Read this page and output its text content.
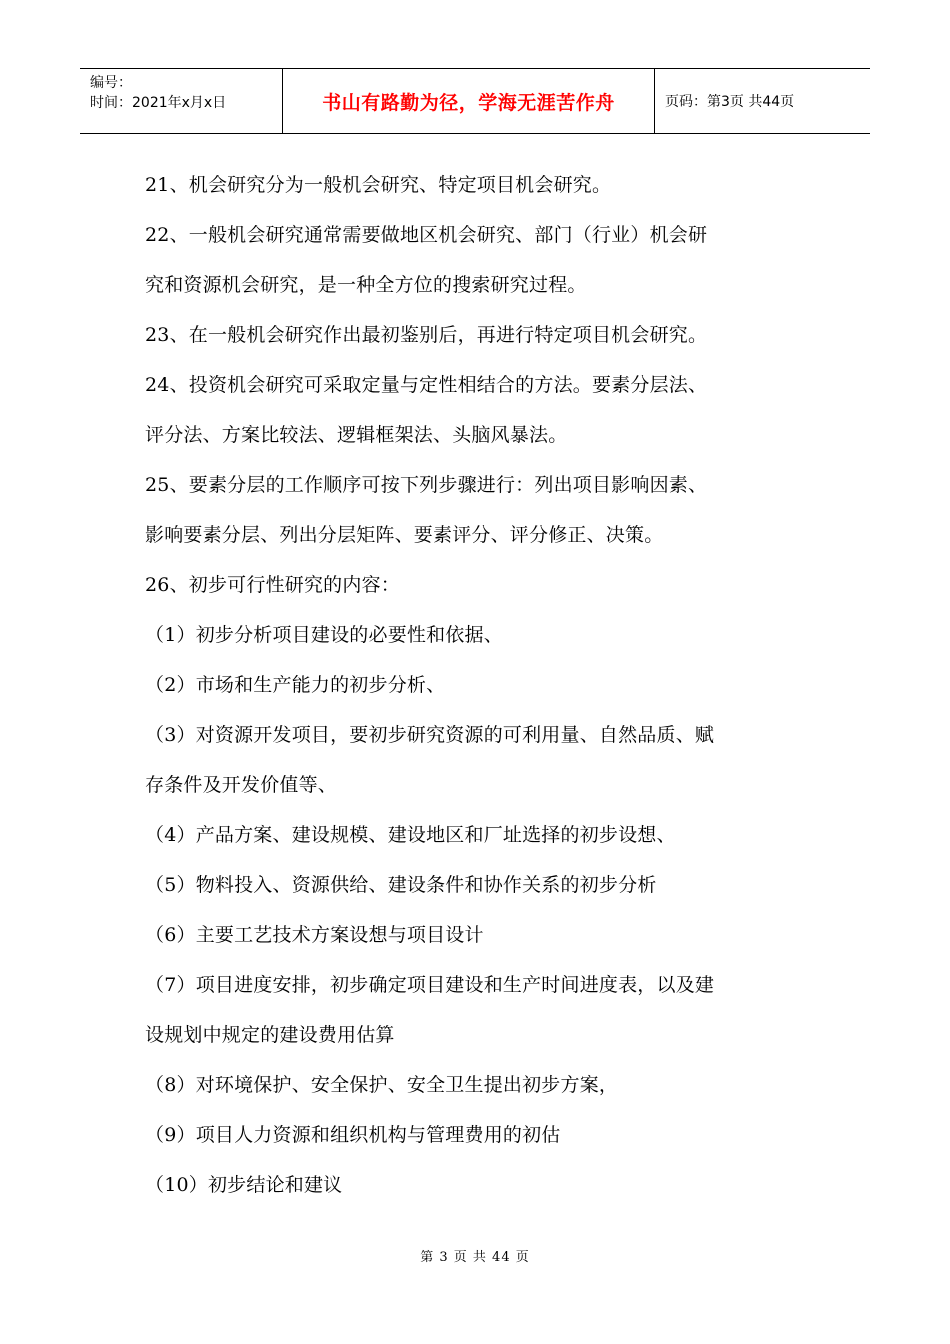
编号：
时间：2021年x月x日	书山有路勤为径，学海无涯苦作舟	页码：第3页 共44页
21、机会研究分为一般机会研究、特定项目机会研究。
22、一般机会研究通常需要做地区机会研究、部门（行业）机会研
究和资源机会研究，是一种全方位的搜索研究过程。
23、在一般机会研究作出最初鉴别后，再进行特定项目机会研究。
24、投资机会研究可采取定量与定性相结合的方法。要素分层法、
评分法、方案比较法、逻辑框架法、头脑风暴法。
25、要素分层的工作顺序可按下列步骤进行：列出项目影响因素、
影响要素分层、列出分层矩阵、要素评分、评分修正、决策。
26、初步可行性研究的内容：
（1）初步分析项目建设的必要性和依据、
（2）市场和生产能力的初步分析、
（3）对资源开发项目，要初步研究资源的可利用量、自然品质、赋
存条件及开发价值等、
（4）产品方案、建设规模、建设地区和厂址选择的初步设想、
（5）物料投入、资源供给、建设条件和协作关系的初步分析
（6）主要工艺技术方案设想与项目设计
（7）项目进度安排，初步确定项目建设和生产时间进度表，以及建
设规划中规定的建设费用估算
（8）对环境保护、安全保护、安全卫生提出初步方案，
（9）项目人力资源和组织机构与管理费用的初估
（10）初步结论和建议
第 3 页 共 44 页
